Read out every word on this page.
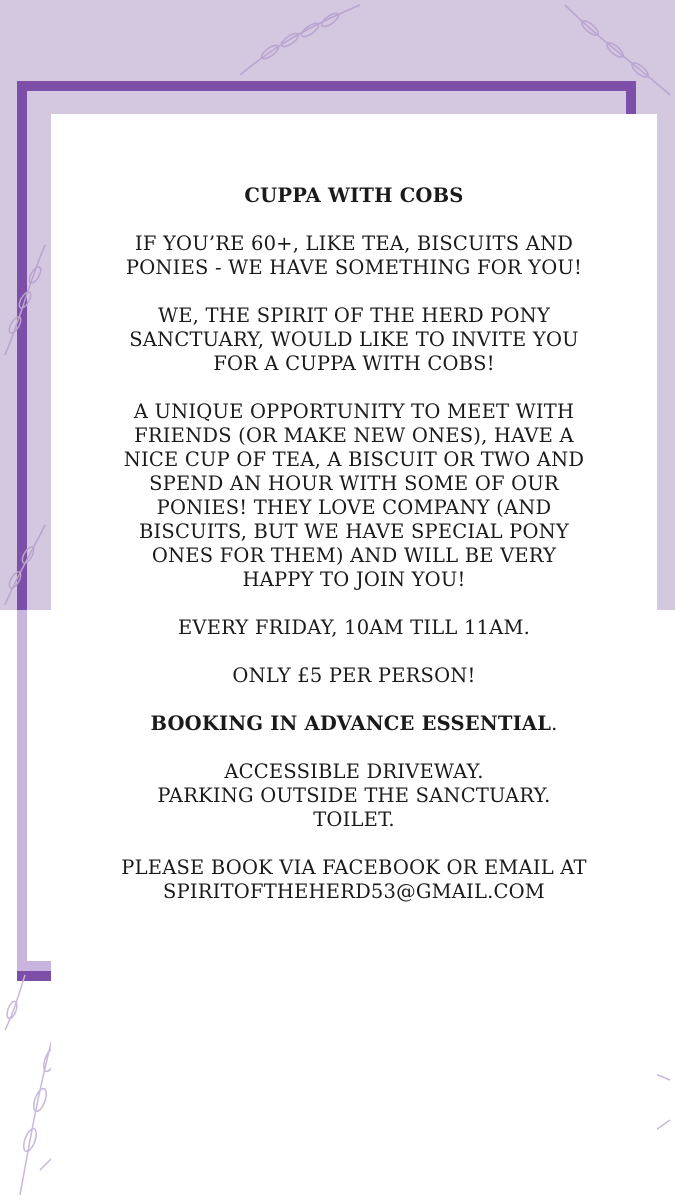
CUPPA WITH COBS

IF YOU’RE 60+, LIKE TEA, BISCUITS AND
PONIES - WE HAVE SOMETHING FOR YOU!

WE, THE SPIRIT OF THE HERD PONY
SANCTUARY, WOULD LIKE TO INVITE YOU
FOR A CUPPA WITH COBS!

A UNIQUE OPPORTUNITY TO MEET WITH
FRIENDS (OR MAKE NEW ONES), HAVE A
NICE CUP OF TEA, A BISCUIT OR TWO AND
SPEND AN HOUR WITH SOME OF OUR
PONIES! THEY LOVE COMPANY (AND
BISCUITS, BUT WE HAVE SPECIAL PONY
ONES FOR THEM) AND WILL BE VERY
HAPPY TO JOIN YOU!

EVERY FRIDAY, 10AM TILL 11AM.

ONLY £5 PER PERSON!

BOOKING IN ADVANCE ESSENTIAL.

ACCESSIBLE DRIVEWAY.
PARKING OUTSIDE THE SANCTUARY.
TOILET.

PLEASE BOOK VIA FACEBOOK OR EMAIL AT
SPIRITOFTHEHERD53@GMAIL.COM
